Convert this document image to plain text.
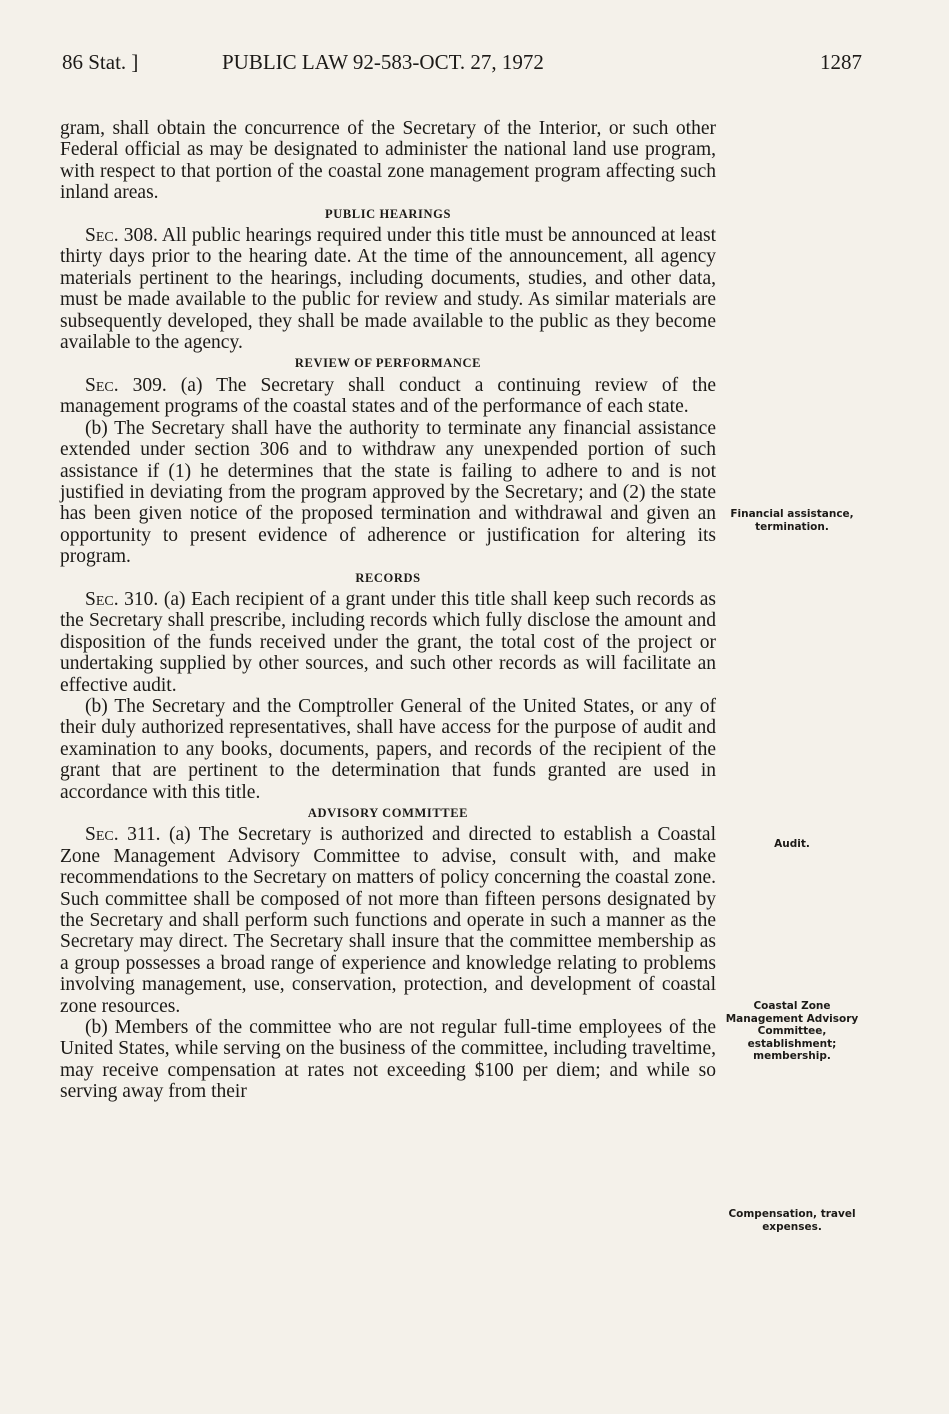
86 Stat. ]	PUBLIC LAW 92-583-OCT. 27, 1972	1287

gram, shall obtain the concurrence of the Secretary of the Interior, or such other Federal official as may be designated to administer the national land use program, with respect to that portion of the coastal zone management program affecting such inland areas.

PUBLIC HEARINGS

Sec. 308. All public hearings required under this title must be announced at least thirty days prior to the hearing date. At the time of the announcement, all agency materials pertinent to the hearings, including documents, studies, and other data, must be made available to the public for review and study. As similar materials are subsequently developed, they shall be made available to the public as they become available to the agency.

REVIEW OF PERFORMANCE

Sec. 309. (a) The Secretary shall conduct a continuing review of the management programs of the coastal states and of the performance of each state.

(b) The Secretary shall have the authority to terminate any financial assistance extended under section 306 and to withdraw any unexpended portion of such assistance if (1) he determines that the state is failing to adhere to and is not justified in deviating from the program approved by the Secretary; and (2) the state has been given notice of the proposed termination and withdrawal and given an opportunity to present evidence of adherence or justification for altering its program.

RECORDS

Sec. 310. (a) Each recipient of a grant under this title shall keep such records as the Secretary shall prescribe, including records which fully disclose the amount and disposition of the funds received under the grant, the total cost of the project or undertaking supplied by other sources, and such other records as will facilitate an effective audit.

(b) The Secretary and the Comptroller General of the United States, or any of their duly authorized representatives, shall have access for the purpose of audit and examination to any books, documents, papers, and records of the recipient of the grant that are pertinent to the determination that funds granted are used in accordance with this title.

ADVISORY COMMITTEE

Sec. 311. (a) The Secretary is authorized and directed to establish a Coastal Zone Management Advisory Committee to advise, consult with, and make recommendations to the Secretary on matters of policy concerning the coastal zone. Such committee shall be composed of not more than fifteen persons designated by the Secretary and shall perform such functions and operate in such a manner as the Secretary may direct. The Secretary shall insure that the committee membership as a group possesses a broad range of experience and knowledge relating to problems involving management, use, conservation, protection, and development of coastal zone resources.

(b) Members of the committee who are not regular full-time employees of the United States, while serving on the business of the committee, including traveltime, may receive compensation at rates not exceeding $100 per diem; and while so serving away from their

Financial assistance, termination.
Audit.
Coastal Zone Management Advisory Committee, establishment; membership.
Compensation, travel expenses.
